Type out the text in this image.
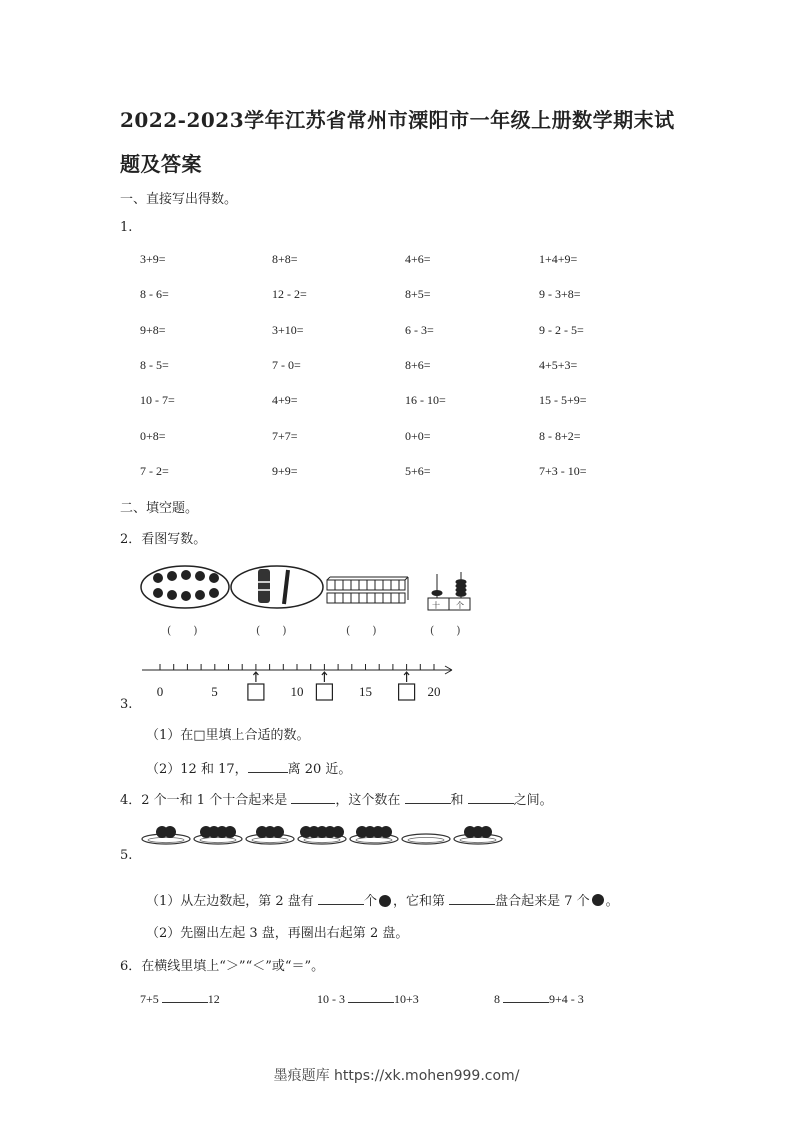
2022-2023学年江苏省常州市溧阳市一年级上册数学期末试
题及答案
一、直接写出得数。
1.
3+9=	8+8=	4+6=	1+4+9=
8 - 6=	12 - 2=	8+5=	9 - 3+8=
9+8=	3+10=	6 - 3=	9 - 2 - 5=
8 - 5=	7 - 0=	8+6=	4+5+3=
10 - 7=	4+9=	16 - 10=	15 - 5+9=
0+8=	7+7=	0+0=	8 - 8+2=
7 - 2=	9+9=	5+6=	7+3 - 10=
二、填空题。
2．看图写数。
十 个
(　　)	(　　)	(　　)	(　　)
0	5	10	15	20
3.
（1）在□里填上合适的数。
（2）12 和 17，	离 20 近。
4．2 个一和 1 个十合起来是	，这个数在	和	之间。
5.
（1）从左边数起，第 2 盘有	个 ，它和第	盘合起来是 7 个 。
（2）先圈出左起 3 盘，再圈出右起第 2 盘。
6．在横线里填上“＞”“＜”或“＝”。
7+5	12	10 - 3	10+3	8	9+4 - 3
墨痕题库 https://xk.mohen999.com/
